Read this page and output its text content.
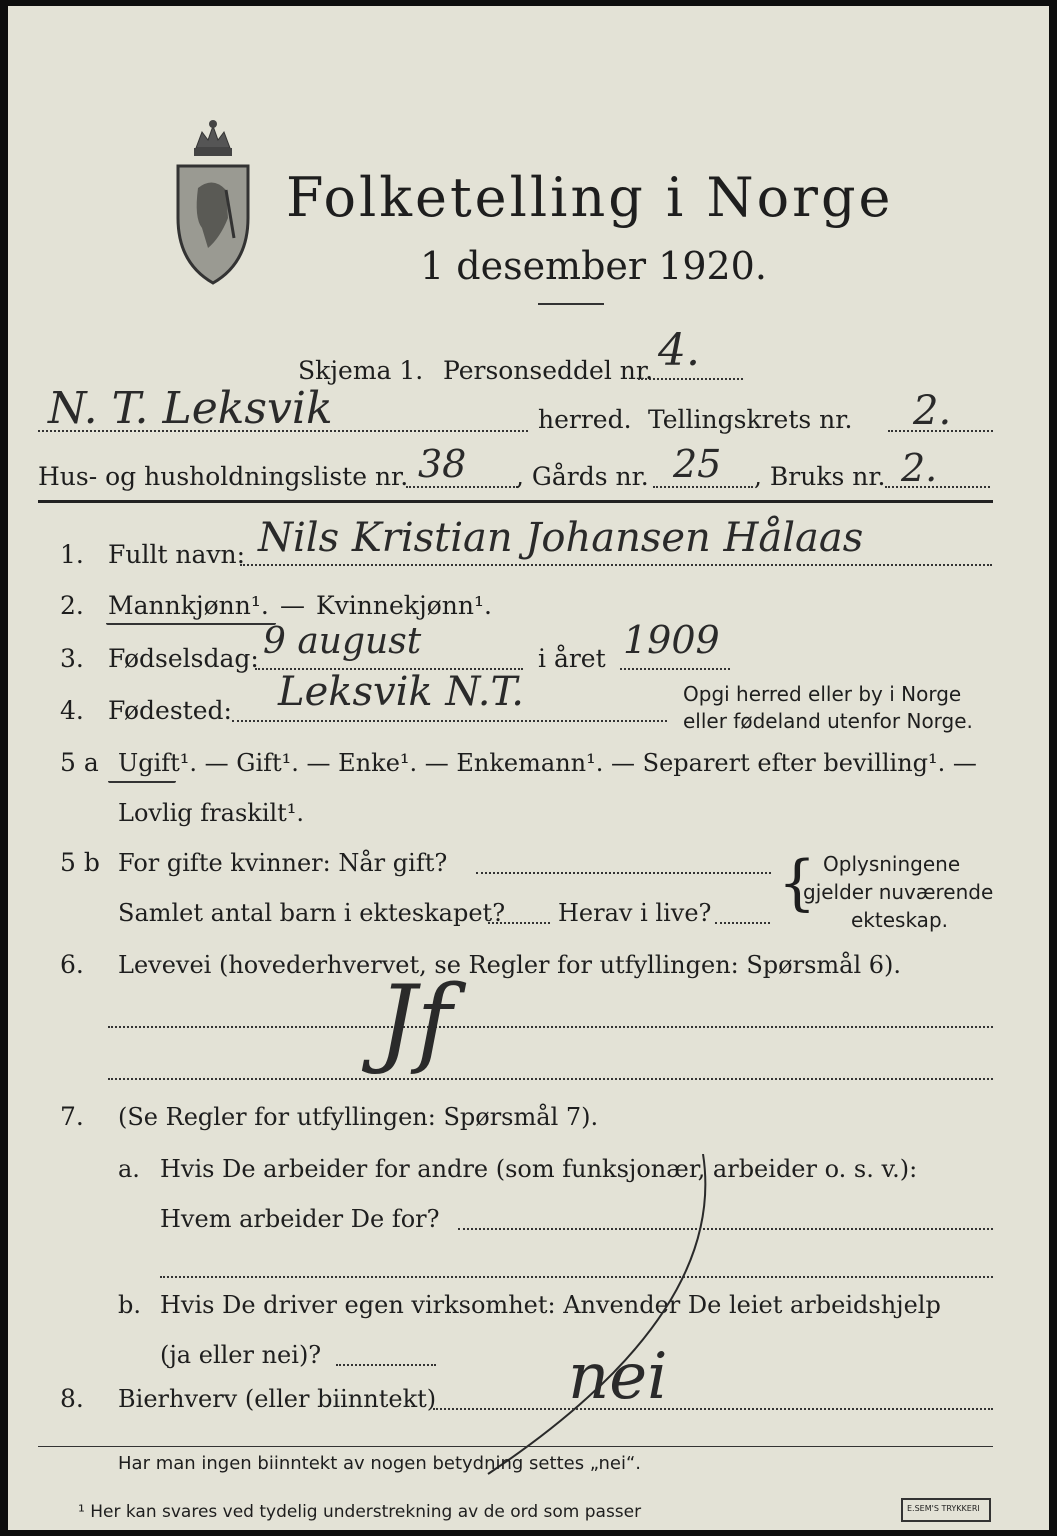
Folketelling i Norge
1 desember 1920.
N. T. Leksvik
Skjema 1. Personseddel nr. 4.
herred. Tellingskrets nr. 2.
Hus- og husholdningsliste nr. 38 , Gårds nr. 25 , Bruks nr. 2.
1. Fullt navn: Nils Kristian Johansen Hålaas
2. Mannkjønn¹. — Kvinnekjønn¹.
3. Fødselsdag: 9 august	i året 1909
4. Fødested: Leksvik N.T.	Opgi herred eller by i Norge
eller fødeland utenfor Norge.
5 a Ugift¹. — Gift¹. — Enke¹. — Enkemann¹. — Separert efter bevilling¹. —
Lovlig fraskilt¹.
5 b For gifte kvinner: Når gift?
Samlet antal barn i ekteskapet? Herav i live? { Oplysningene
gjelder nuværende
ekteskap.
6. Levevei (hovederhvervet, se Regler for utfyllingen: Spørsmål 6).
Jf
7. (Se Regler for utfyllingen: Spørsmål 7).
a. Hvis De arbeider for andre (som funksjonær, arbeider o. s. v.):
Hvem arbeider De for?
b. Hvis De driver egen virksomhet: Anvender De leiet arbeidshjelp
(ja eller nei)?
8. Bierhverv (eller biinntekt) nei
Har man ingen biinntekt av nogen betydning settes „nei“.
¹ Her kan svares ved tydelig understrekning av de ord som passer	E.SEM'S TRYKKERI
